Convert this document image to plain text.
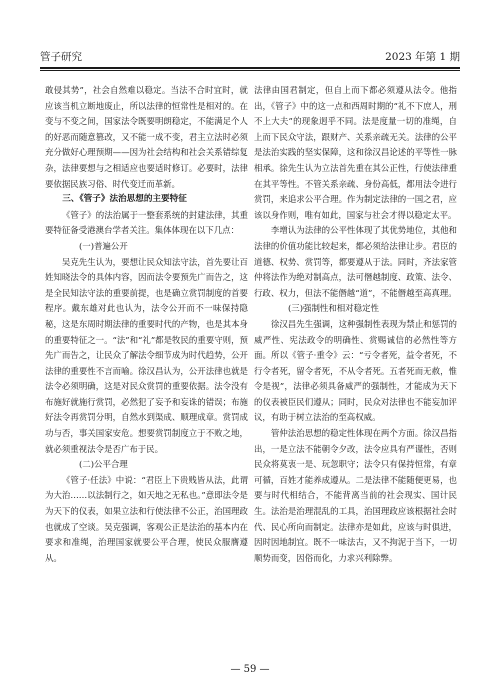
管子研究	2023 年第 1 期

敢侵其势”，社会自然难以稳定。当法不合时宜时，就应该当机立断地废止，所以法律的恒常性是相对的。在变与不变之间，国家法令既要明朗稳定，不能满足个人的好恶而随意篡改，又不能一成不变，君主立法时必须充分做好心理预期——因为社会结构和社会关系错综复杂，法律要想与之相适应也要适时修订。必要时，法律要依据民族习俗、时代变迁而革新。

三、《管子》法治思想的主要特征

《管子》的法治属于一整套系统的封建法律，其重要特征备受港澳台学者关注。集体体现在以下几点：

(一)普遍公开

吴克先生认为，要想让民众知法守法，首先要让百姓知晓法令的具体内容，因而法令要预先广而告之，这是全民知法守法的重要前提，也是确立赏罚制度的首要程序。戴东雄对此也认为，法令公开而不一味保持隐秘，这是东周时期法律的重要时代的产物，也是其本身的重要特征之一。“法”和“礼”都是牧民的重要守则，预先广而告之，让民众了解法令细节成为时代趋势，公开法律的重要性不言而喻。徐汉昌认为，公开法律也就是法令必须明确，这是对民众赏罚的重要依据。法令没有布施好就施行赏罚，必然犯了妄予和妄诛的错误；布施好法令再赏罚分明，自然水到渠成、顺理成章。赏罚成功与否，事关国家安危。想要赏罚制度立于不败之地，就必须重视法令是否广布于民。

(二)公平合理

《管子·任法》中说：“君臣上下贵贱皆从法，此谓为大治……以法制行之，如天地之无私也。”意即法令是为天下的仪表，如果立法和行使法律不公正，治国理政也就成了空谈。吴克强调，客观公正是法治的基本内在要求和准绳，治理国家就要公平合理，使民众服膺遵从。

法律由国君制定，但自上而下都必须遵从法令。他指出，《管子》中的这一点和西周时期的“礼不下庶人，刑不上大夫”的现象迥乎不同。法是度量一切的准绳，自上而下民众守法，跟财产、关系亲疏无关。法律的公平是法治实践的坚实保障，这和徐汉昌论述的平等性一脉相承。徐先生认为立法首先重在其公正性，行使法律重在其平等性。不管关系亲疏、身份高低，都用法令进行赏罚，来追求公平合理。作为制定法律的一国之君，应该以身作则，唯有如此，国家与社会才得以稳定太平。

李增认为法律的公平性体现了其优势地位，其他和法律的价值功能比较起来，都必须给法律让步。君臣的道德、权势、赏罚等，都要遵从于法。同时，齐法家管仲将法作为绝对制高点，法可僭越制度、政策、法令、行政、权力，但法不能僭越“道”，不能僭越至高真理。

(三)强制性和相对稳定性

徐汉昌先生强调，这种强制性表现为禁止和惩罚的威严性、宪法政令的明确性、赏赐诚信的必然性等方面。所以《管子·重令》云：“亏令者死，益令者死，不行令者死，留令者死，不从令者死。五者死而无赦，惟令是视”，法律必须具备威严的强制性，才能成为天下的仪表被臣民们遵从；同时，民众对法律也不能妄加评议，有助于树立法治的至高权威。

管仲法治思想的稳定性体现在两个方面。徐汉昌指出，一是立法不能朝令夕改，法令应具有严谨性，否则民众将莫衷一是、玩忽职守；法令只有保持恒常，有章可循，百姓才能养成遵从。二是法律不能随便更易，也要与时代相结合，不能背离当前的社会现实、国计民生。法治是治理混乱的工具，治国理政应该根据社会时代、民心所向而制定。法律亦是如此，应该与时俱进，因时因地制宜。既不一味法古，又不拘泥于当下，一切顺势而变，因俗而化，力求兴利除弊。

— 59 —
